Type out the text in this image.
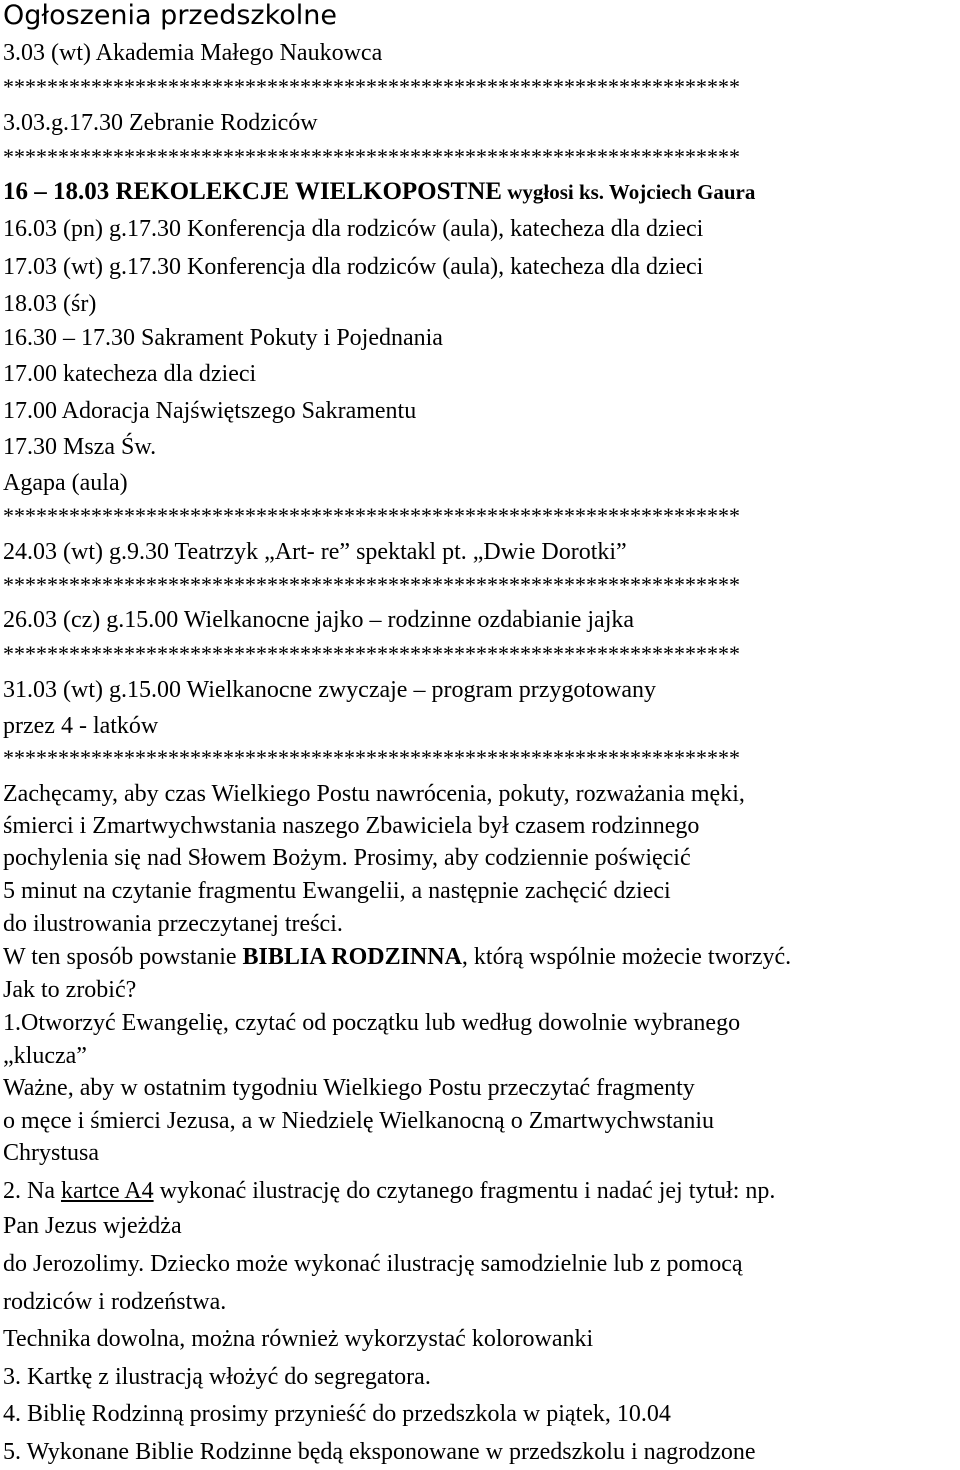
Ogłoszenia przedszkolne
3.03 (wt) Akademia Małego Naukowca
*******************************************************************
3.03.g.17.30 Zebranie Rodziców
*******************************************************************
16 – 18.03 REKOLEKCJE WIELKOPOSTNE wygłosi ks. Wojciech Gaura
16.03 (pn) g.17.30 Konferencja dla rodziców (aula), katecheza dla dzieci
17.03 (wt) g.17.30 Konferencja dla rodziców (aula), katecheza dla dzieci
18.03 (śr)
16.30 – 17.30 Sakrament Pokuty i Pojednania
17.00 katecheza dla dzieci
17.00 Adoracja Najświętszego Sakramentu
17.30 Msza Św.
Agapa (aula)
*******************************************************************
24.03 (wt) g.9.30 Teatrzyk „Art- re” spektakl pt. „Dwie Dorotki”
*******************************************************************
26.03 (cz) g.15.00 Wielkanocne jajko – rodzinne ozdabianie jajka
*******************************************************************
31.03 (wt) g.15.00 Wielkanocne zwyczaje – program przygotowany
przez 4 - latków
*******************************************************************
Zachęcamy, aby czas Wielkiego Postu nawrócenia, pokuty, rozważania męki,
śmierci i Zmartwychwstania naszego Zbawiciela był czasem rodzinnego
pochylenia się nad Słowem Bożym. Prosimy, aby codziennie poświęcić
5 minut na czytanie fragmentu Ewangelii, a następnie zachęcić dzieci
do ilustrowania przeczytanej treści.
W ten sposób powstanie BIBLIA RODZINNA, którą wspólnie możecie tworzyć.
Jak to zrobić?
1.Otworzyć Ewangelię, czytać od początku lub według dowolnie wybranego
„klucza”
Ważne, aby w ostatnim tygodniu Wielkiego Postu przeczytać fragmenty
o męce i śmierci Jezusa, a w Niedzielę Wielkanocną o Zmartwychwstaniu
Chrystusa
2. Na kartce A4 wykonać ilustrację do czytanego fragmentu i nadać jej tytuł: np.
Pan Jezus wjeżdża
do Jerozolimy. Dziecko może wykonać ilustrację samodzielnie lub z pomocą
rodziców i rodzeństwa.
Technika dowolna, można również wykorzystać kolorowanki
3. Kartkę z ilustracją włożyć do segregatora.
4. Biblię Rodzinną prosimy przynieść do przedszkola w piątek, 10.04
5. Wykonane Biblie Rodzinne będą eksponowane w przedszkolu i nagrodzone
